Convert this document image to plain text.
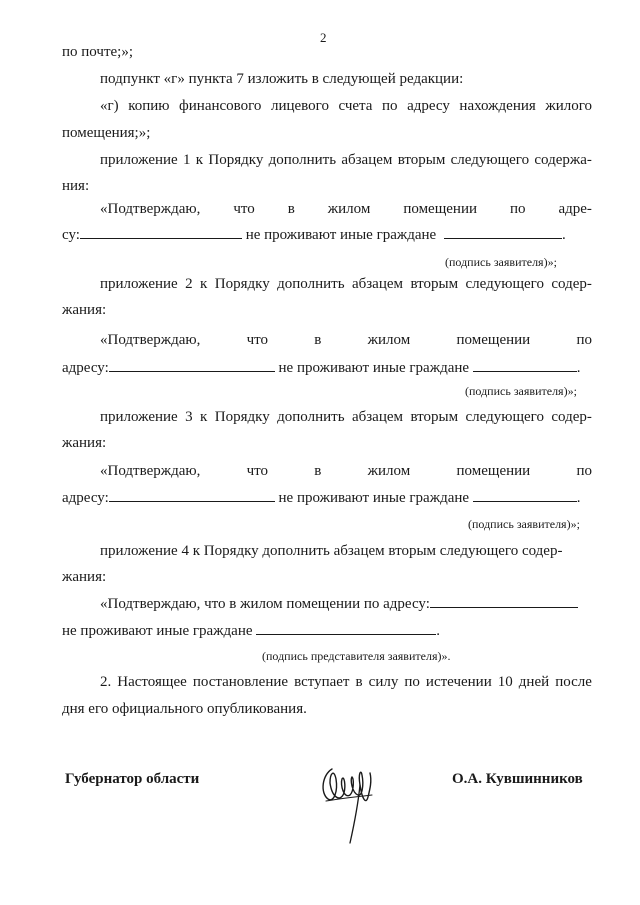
2
по почте;»;
подпункт «г» пункта 7 изложить в следующей редакции:
«г) копию финансового лицевого счета по адресу нахождения жилого
помещения;»;
приложение 1 к Порядку дополнить абзацем вторым следующего содержа-
ния:
«Подтверждаю, что в жилом помещении по адре-
су:	не проживают иные граждане	.
(подпись заявителя)»;
приложение 2 к Порядку дополнить абзацем вторым следующего содер-
жания:
«Подтверждаю,	что	в	жилом	помещении	по
адресу:	не проживают иные граждане	.
(подпись заявителя)»;
приложение 3 к Порядку дополнить абзацем вторым следующего содер-
жания:
«Подтверждаю,	что	в	жилом	помещении	по
адресу:	не проживают иные граждане	.
(подпись заявителя)»;
приложение 4 к Порядку дополнить абзацем вторым следующего содер-
жания:
«Подтверждаю, что в жилом помещении по адресу:
не проживают иные граждане	.
(подпись представителя заявителя)».
2. Настоящее постановление вступает в силу по истечении 10 дней после
дня его официального опубликования.
Губернатор области	О.А. Кувшинников
